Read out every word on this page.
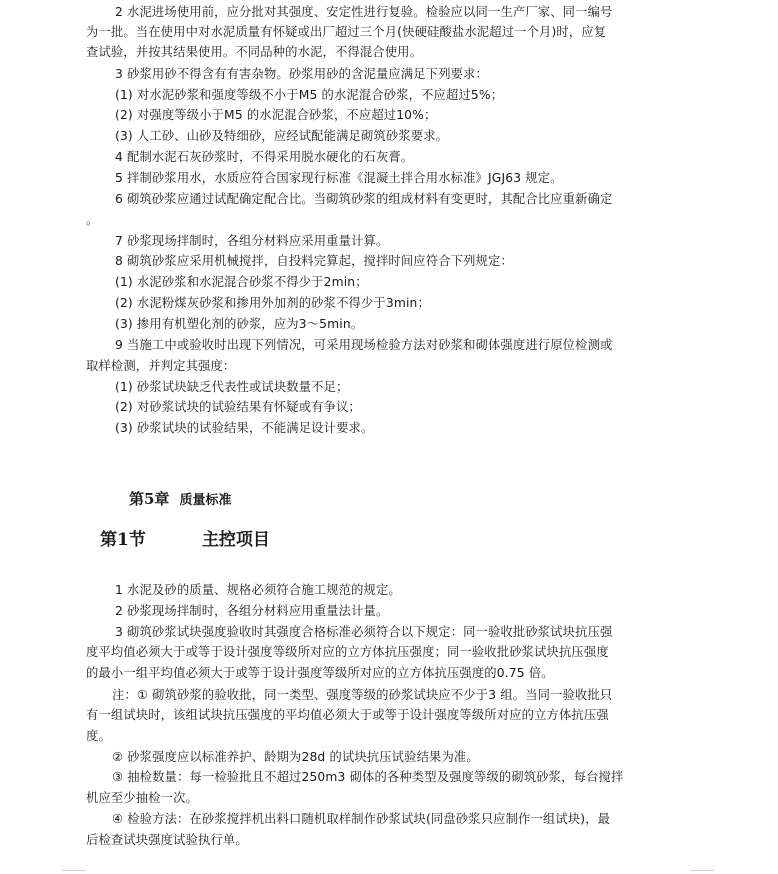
2 水泥进场使用前，应分批对其强度、安定性进行复验。检验应以同一生产厂家、同一编号
为一批。当在使用中对水泥质量有怀疑或出厂超过三个月(快硬硅酸盐水泥超过一个月)时，应复
查试验，并按其结果使用。不同品种的水泥，不得混合使用。
3 砂浆用砂不得含有有害杂物。砂浆用砂的含泥量应满足下列要求：
(1) 对水泥砂浆和强度等级不小于M5 的水泥混合砂浆，不应超过5%；
(2) 对强度等级小于M5 的水泥混合砂浆，不应超过10%；
(3) 人工砂、山砂及特细砂，应经试配能满足砌筑砂浆要求。
4 配制水泥石灰砂浆时，不得采用脱水硬化的石灰膏。
5 拌制砂浆用水，水质应符合国家现行标准《混凝土拌合用水标准》JGJ63 规定。
6 砌筑砂浆应通过试配确定配合比。当砌筑砂浆的组成材料有变更时，其配合比应重新确定
。
7 砂浆现场拌制时，各组分材料应采用重量计算。
8 砌筑砂浆应采用机械搅拌，自投料完算起，搅拌时间应符合下列规定：
(1) 水泥砂浆和水泥混合砂浆不得少于2min；
(2) 水泥粉煤灰砂浆和掺用外加剂的砂浆不得少于3min；
(3) 掺用有机塑化剂的砂浆，应为3～5min。
9 当施工中或验收时出现下列情况，可采用现场检验方法对砂浆和砌体强度进行原位检测或
取样检测，并判定其强度：
(1) 砂浆试块缺乏代表性或试块数量不足；
(2) 对砂浆试块的试验结果有怀疑或有争议；
(3) 砂浆试块的试验结果，不能满足设计要求。
第5章 质量标准
第1节	主控项目
1 水泥及砂的质量、规格必须符合施工规范的规定。
2 砂浆现场拌制时，各组分材料应用重量法计量。
3 砌筑砂浆试块强度验收时其强度合格标准必须符合以下规定：同一验收批砂浆试块抗压强
度平均值必须大于或等于设计强度等级所对应的立方体抗压强度；同一验收批砂浆试块抗压强度
的最小一组平均值必须大于或等于设计强度等级所对应的立方体抗压强度的0.75 倍。
注：① 砌筑砂浆的验收批，同一类型、强度等级的砂浆试块应不少于3 组。当同一验收批只
有一组试块时，该组试块抗压强度的平均值必须大于或等于设计强度等级所对应的立方体抗压强
度。
② 砂浆强度应以标准养护、龄期为28d 的试块抗压试验结果为准。
③ 抽检数量：每一检验批且不超过250m3 砌体的各种类型及强度等级的砌筑砂浆，每台搅拌
机应至少抽检一次。
④ 检验方法：在砂浆搅拌机出料口随机取样制作砂浆试块(同盘砂浆只应制作一组试块)，最
后检查试块强度试验执行单。
